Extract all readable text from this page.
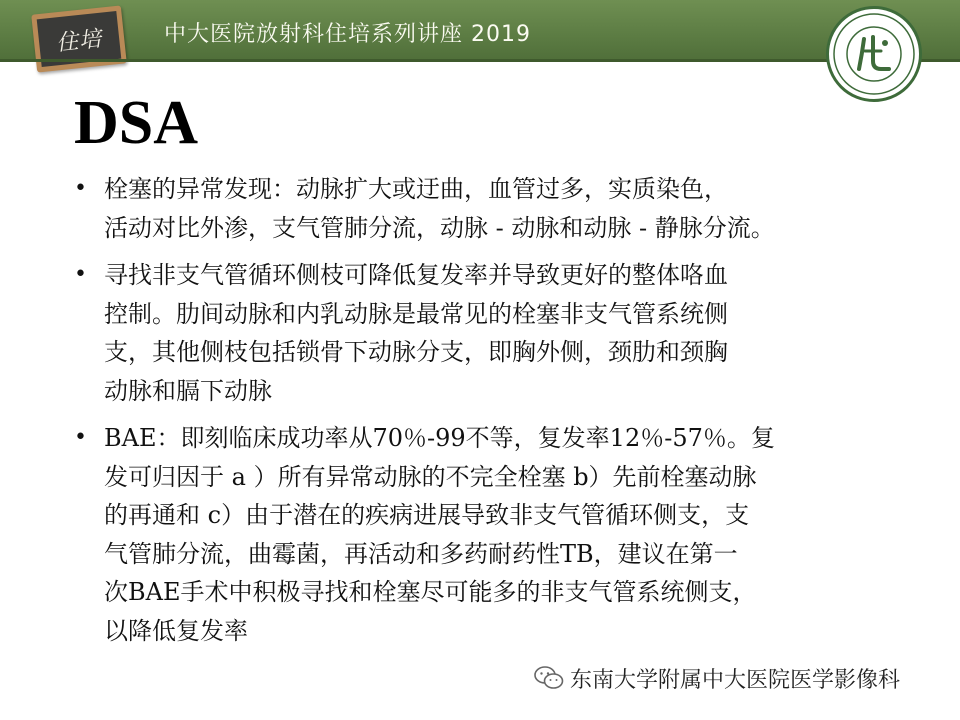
住培	中大医院放射科住培系列讲座 2019
DSA
• 栓塞的异常发现：动脉扩大或迂曲，血管过多，实质染色，
活动对比外渗，支气管肺分流，动脉 - 动脉和动脉 - 静脉分流。
• 寻找非支气管循环侧枝可降低复发率并导致更好的整体咯血
控制。肋间动脉和内乳动脉是最常见的栓塞非支气管系统侧
支，其他侧枝包括锁骨下动脉分支，即胸外侧，颈肋和颈胸
动脉和膈下动脉
• BAE：即刻临床成功率从70％-99不等，复发率12％-57％。复
发可归因于 a ）所有异常动脉的不完全栓塞 b）先前栓塞动脉
的再通和 c）由于潜在的疾病进展导致非支气管循环侧支，支
气管肺分流，曲霉菌，再活动和多药耐药性TB，建议在第一
次BAE手术中积极寻找和栓塞尽可能多的非支气管系统侧支，
以降低复发率
东南大学附属中大医院医学影像科
